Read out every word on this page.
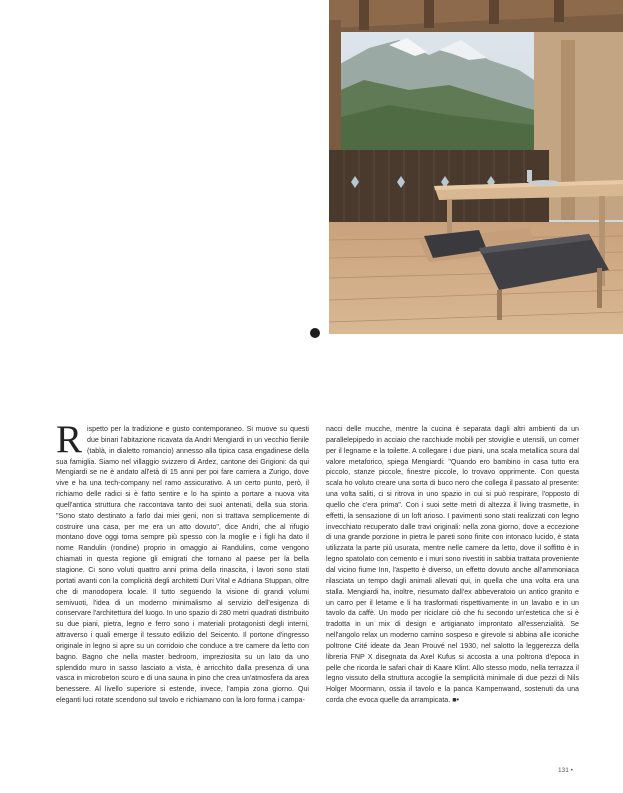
Rispetto per la tradizione e gusto contemporaneo. Si muove su questi due binari l'abitazione ricavata da Andri Mengiardi in un vecchio fienile (tablà, in dialetto romancio) annesso alla tipica casa engadinese della sua famiglia. Siamo nel villaggio svizzero di Ardez, cantone dei Grigioni: da qui Mengiardi se ne è andato all'età di 15 anni per poi fare carriera a Zurigo, dove vive e ha una tech-company nel ramo assicurativo. A un certo punto, però, il richiamo delle radici si è fatto sentire e lo ha spinto a portare a nuova vita quell'antica struttura che raccontava tanto dei suoi antenati, della sua storia. "Sono stato destinato a farlo dai miei geni, non si trattava semplicemente di costruire una casa, per me era un atto dovuto", dice Andri, che al rifugio montano dove oggi torna sempre più spesso con la moglie e i figli ha dato il nome Randulin (rondine) proprio in omaggio ai Randulins, come vengono chiamati in questa regione gli emigrati che tornano al paese per la bella stagione. Ci sono voluti quattro anni prima della rinascita, i lavori sono stati portati avanti con la complicità degli architetti Duri Vital e Adriana Stuppan, oltre che di manodopera locale. Il tutto seguendo la visione di grandi volumi semivuoti, l'idea di un moderno minimalismo al servizio dell'esigenza di conservare l'architettura del luogo. In uno spazio di 280 metri quadrati distribuito su due piani, pietra, legno e ferro sono i materiali protagonisti degli interni, attraverso i quali emerge il tessuto edilizio del Seicento. Il portone d'ingresso originale in legno si apre su un corridoio che conduce a tre camere da letto con bagno. Bagno che nella master bedroom, impreziosita su un lato da uno splendido muro in sasso lasciato a vista, è arricchito dalla presenza di una vasca in microbeton scuro e di una sauna in pino che crea un'atmosfera da area benessere. Al livello superiore si estende, invece, l'ampia zona giorno. Qui eleganti luci rotate scendono sul tavolo e richiamano con la loro forma i campa-
nacci delle mucche, mentre la cucina è separata dagli altri ambienti da un parallelepipedo in acciaio che racchiude mobili per stoviglie e utensili, un corner per il legname e la toilette. A collegare i due piani, una scala metallica scura dal valore metaforico, spiega Mengiardi: "Quando ero bambino in casa tutto era piccolo, stanze piccole, finestre piccole, lo trovavo opprimente. Con questa scala ho voluto creare una sorta di buco nero che collega il passato al presente: una volta saliti, ci si ritrova in uno spazio in cui si può respirare, l'opposto di quello che c'era prima". Con i suoi sette metri di altezza il living trasmette, in effetti, la sensazione di un loft arioso. I pavimenti sono stati realizzati con legno invecchiato recuperato dalle travi originali: nella zona giorno, dove a eccezione di una grande porzione in pietra le pareti sono finite con intonaco lucido, è stata utilizzata la parte più usurata, mentre nelle camere da letto, dove il soffitto è in legno spatolato con cemento e i muri sono rivestiti in sabbia trattata proveniente dal vicino fiume Inn, l'aspetto è diverso, un effetto dovuto anche all'ammoniaca rilasciata un tempo dagli animali allevati qui, in quella che una volta era una stalla. Mengiardi ha, inoltre, riesumato dall'ex abbeveratoio un antico granito e un carro per il letame e li ha trasformati rispettivamente in un lavabo e in un tavolo da caffè. Un modo per riciclare ciò che fu secondo un'estetica che si è tradotta in un mix di design e artigianato improntato all'essenzialità. Se nell'angolo relax un moderno camino sospeso e girevole si abbina alle iconiche poltrone Cité ideate da Jean Prouvé nel 1930, nel salotto la leggerezza della libreria FNP X disegnata da Axel Kufus si accosta a una poltrona d'epoca in pelle che ricorda le safari chair di Kaare Klint. Allo stesso modo, nella terrazza il legno vissuto della struttura accoglie la semplicità minimale di due pezzi di Nils Holger Moormann, ossia il tavolo e la panca Kampenwand, sostenuti da una corda che evoca quelle da arrampicata. ■•
131 •
